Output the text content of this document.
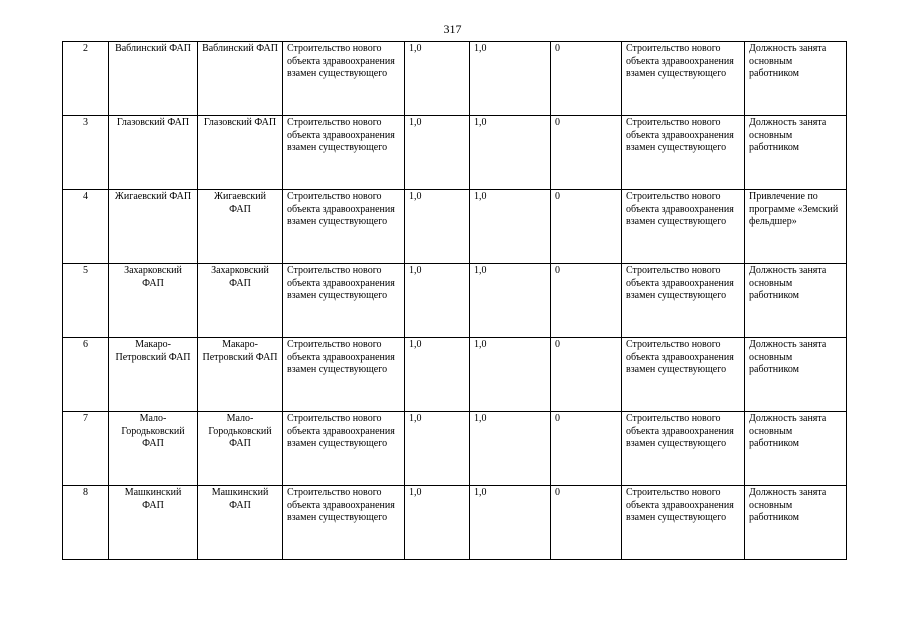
317
2	Ваблинский ФАП	Ваблинский ФАП	Строительство нового объекта здравоохранения взамен существующего	1,0	1,0	0	Строительство нового объекта здравоохранения взамен существующего	Должность занята основным работником
3	Глазовский ФАП	Глазовский ФАП	Строительство нового объекта здравоохранения взамен существующего	1,0	1,0	0	Строительство нового объекта здравоохранения взамен существующего	Должность занята основным работником
4	Жигаевский ФАП	Жигаевский ФАП	Строительство нового объекта здравоохранения взамен существующего	1,0	1,0	0	Строительство нового объекта здравоохранения взамен существующего	Привлечение по программе «Земский фельдшер»
5	Захарковский ФАП	Захарковский ФАП	Строительство нового объекта здравоохранения взамен существующего	1,0	1,0	0	Строительство нового объекта здравоохранения взамен существующего	Должность занята основным работником
6	Макаро-Петровский ФАП	Макаро-Петровский ФАП	Строительство нового объекта здравоохранения взамен существующего	1,0	1,0	0	Строительство нового объекта здравоохранения взамен существующего	Должность занята основным работником
7	Мало-Городьковский ФАП	Мало-Городьковский ФАП	Строительство нового объекта здравоохранения взамен существующего	1,0	1,0	0	Строительство нового объекта здравоохранения взамен существующего	Должность занята основным работником
8	Машкинский ФАП	Машкинский ФАП	Строительство нового объекта здравоохранения взамен существующего	1,0	1,0	0	Строительство нового объекта здравоохранения взамен существующего	Должность занята основным работником
